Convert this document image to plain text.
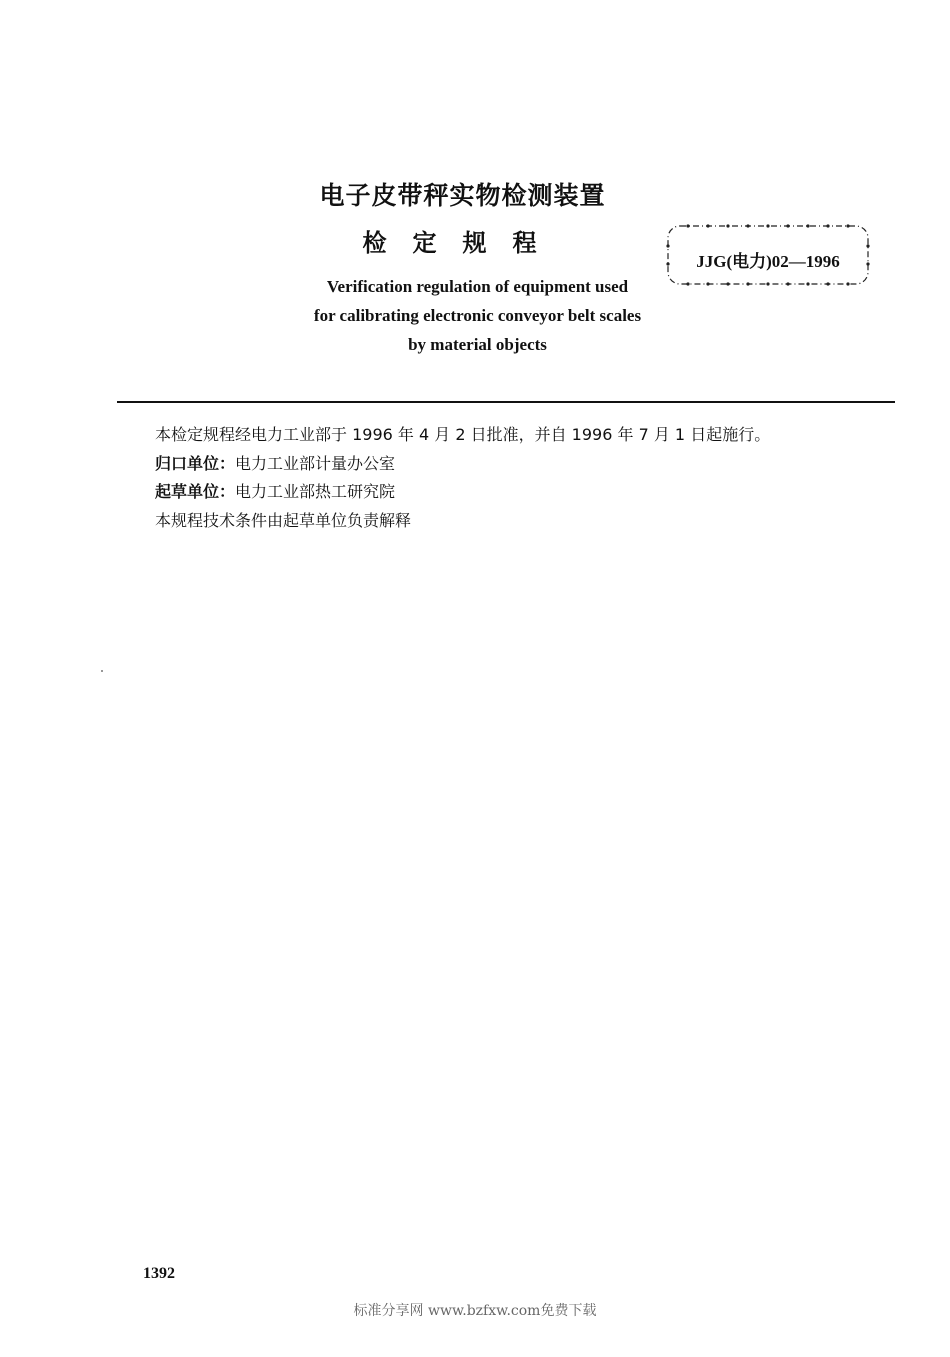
电子皮带秤实物检测装置
检定规程
Verification regulation of equipment used
for calibrating electronic conveyor belt scales
by material objects
JJG(电力)02—1996
本检定规程经电力工业部于 1996 年 4 月 2 日批准，并自 1996 年 7 月 1 日起施行。
归口单位：电力工业部计量办公室
起草单位：电力工业部热工研究院
本规程技术条件由起草单位负责解释
1392
标准分享网 www.bzfxw.com免费下载
